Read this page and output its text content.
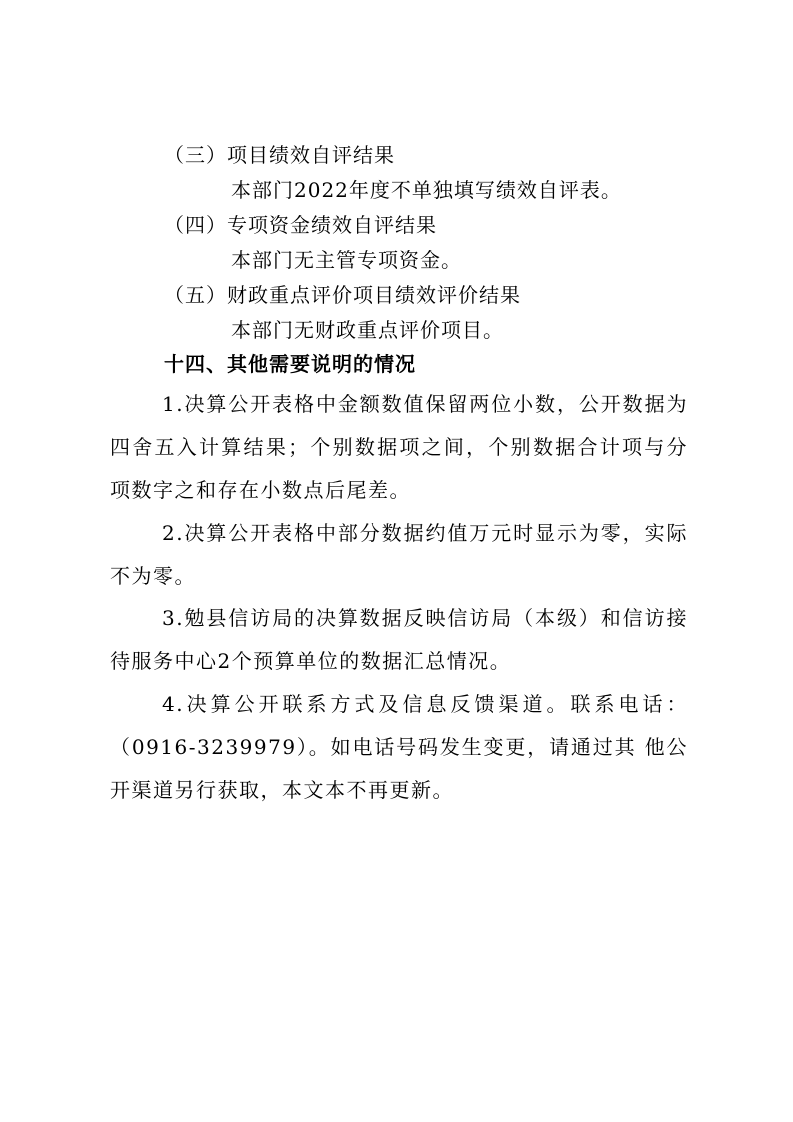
（三）项目绩效自评结果
本部门2022年度不单独填写绩效自评表。
（四）专项资金绩效自评结果
本部门无主管专项资金。
（五）财政重点评价项目绩效评价结果
本部门无财政重点评价项目。
十四、其他需要说明的情况

1.决算公开表格中金额数值保留两位小数，公开数据为四舍五入计算结果；个别数据项之间，个别数据合计项与分项数字之和存在小数点后尾差。

2.决算公开表格中部分数据约值万元时显示为零，实际不为零。

3.勉县信访局的决算数据反映信访局（本级）和信访接待服务中心2个预算单位的数据汇总情况。

4.决算公开联系方式及信息反馈渠道。联系电话：（0916-3239979）。如电话号码发生变更，请通过其 他公开渠道另行获取，本文本不再更新。
